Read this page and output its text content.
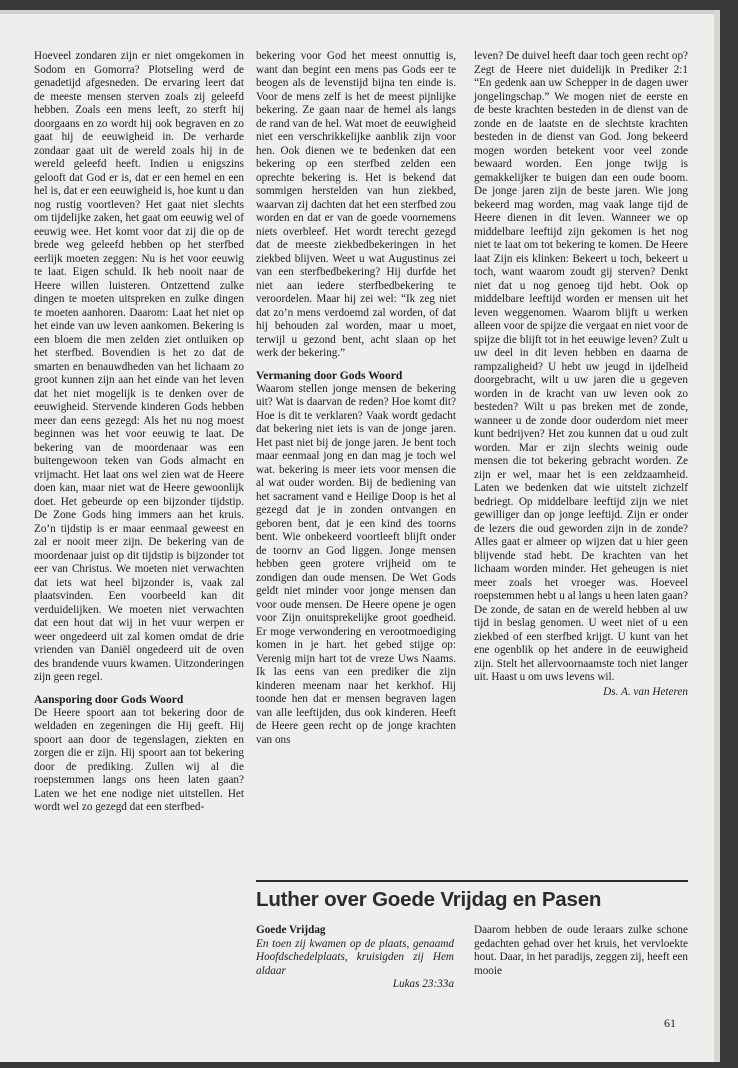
Hoeveel zondaren zijn er niet omgekomen in Sodom en Gomorra? Plotseling werd de genadetijd afgesneden. De ervaring leert dat de meeste mensen sterven zoals zij geleefd hebben. Zoals een mens leeft, zo sterft hij doorgaans en zo wordt hij ook begraven en zo gaat hij de eeuwigheid in. De verharde zondaar gaat uit de wereld zoals hij in de wereld geleefd heeft. Indien u enigszins gelooft dat God er is, dat er een hemel en een hel is, dat er een eeuwigheid is, hoe kunt u dan nog rustig voortleven? Het gaat niet slechts om tijdelijke zaken, het gaat om eeuwig wel of eeuwig wee. Het komt voor dat zij die op de brede weg geleefd hebben op het sterfbed eerlijk moeten zeggen: Nu is het voor eeuwig te laat. Eigen schuld. Ik heb nooit naar de Heere willen luisteren. Ontzettend zulke dingen te moeten uitspreken en zulke dingen te moeten aanhoren. Daarom: Laat het niet op het einde van uw leven aankomen. Bekering is een bloem die men zelden ziet ontluiken op het sterfbed. Bovendien is het zo dat de smarten en benauwdheden van het lichaam zo groot kunnen zijn aan het einde van het leven dat het niet mogelijk is te denken over de eeuwigheid. Stervende kinderen Gods hebben meer dan eens gezegd: Als het nu nog moest beginnen was het voor eeuwig te laat. De bekering van de moordenaar was een buitengewoon teken van Gods almacht en vrijmacht. Het laat ons wel zien wat de Heere doen kan, maar niet wat de Heere gewoonlijk doet. Het gebeurde op een bijzonder tijdstip. De Zone Gods hing immers aan het kruis. Zo’n tijdstip is er maar eenmaal geweest en zal er nooit meer zijn. De bekering van de moordenaar juist op dit tijdstip is bijzonder tot eer van Christus. We moeten niet verwachten dat iets wat heel bijzonder is, vaak zal plaatsvinden. Een voorbeeld kan dit verduidelijken. We moeten niet verwachten dat een hout dat wij in het vuur werpen er weer ongedeerd uit zal komen omdat de drie vrienden van Daniël ongedeerd uit de oven des brandende vuurs kwamen. Uitzonderingen zijn geen regel.

Aansporing door Gods Woord

De Heere spoort aan tot bekering door de weldaden en zegeningen die Hij geeft. Hij spoort aan door de tegenslagen, ziekten en zorgen die er zijn. Hij spoort aan tot bekering door de prediking. Zullen wij al die roepstemmen langs ons heen laten gaan? Laten we het ene nodige niet uitstellen. Het wordt wel zo gezegd dat een sterfbed-

bekering voor God het meest onnuttig is, want dan begint een mens pas Gods eer te beogen als de levenstijd bijna ten einde is. Voor de mens zelf is het de meest pijnlijke bekering. Ze gaan naar de hemel als langs de rand van de hel. Wat moet de eeuwigheid niet een verschrikkelijke aanblik zijn voor hen. Ook dienen we te bedenken dat een bekering op een sterfbed zelden een oprechte bekering is. Het is bekend dat sommigen herstelden van hun ziekbed, waarvan zij dachten dat het een sterfbed zou worden en dat er van de goede voornemens niets overbleef. Het wordt terecht gezegd dat de meeste ziekbedbekeringen in het ziekbed blijven. Weet u wat Augustinus zei van een sterfbedbekering? Hij durfde het niet aan iedere sterfbedbekering te veroordelen. Maar hij zei wel: “Ik zeg niet dat zo’n mens verdoemd zal worden, of dat hij behouden zal worden, maar u moet, terwijl u gezond bent, acht slaan op het werk der bekering.”

Vermaning door Gods Woord

Waarom stellen jonge mensen de bekering uit? Wat is daarvan de reden? Hoe komt dit? Hoe is dit te verklaren? Vaak wordt gedacht dat bekering niet iets is van de jonge jaren. Het past niet bij de jonge jaren. Je bent toch maar eenmaal jong en dan mag je toch wel wat. bekering is meer iets voor mensen die al wat ouder worden. Bij de bediening van het sacrament vand e Heilige Doop is het al gezegd dat je in zonden ontvangen en geboren bent, dat je een kind des toorns bent. Wie onbekeerd voortleeft blijft onder de toornv an God liggen. Jonge mensen hebben geen grotere vrijheid om te zondigen dan oude mensen. De Wet Gods geldt niet minder voor jonge mensen dan voor oude mensen. De Heere opene je ogen voor Zijn onuitsprekelijke groot goedheid. Er moge verwondering en verootmoediging komen in je hart. het gebed stijge op: Verenig mijn hart tot de vreze Uws Naams. Ik las eens van een prediker die zijn kinderen meenam naar het kerkhof. Hij toonde hen dat er mensen begraven lagen van alle leeftijden, dus ook kinderen. Heeft de Heere geen recht op de jonge krachten van ons

leven? De duivel heeft daar toch geen recht op? Zegt de Heere niet duidelijk in Prediker 2:1 “En gedenk aan uw Schepper in de dagen uwer jongelingschap.” We mogen niet de eerste en de beste krachten besteden in de dienst van de zonde en de laatste en de slechtste krachten besteden in de dienst van God. Jong bekeerd mogen worden betekent voor veel zonde bewaard worden. Een jonge twijg is gemakkelijker te buigen dan een oude boom. De jonge jaren zijn de beste jaren. Wie jong bekeerd mag worden, mag vaak lange tijd de Heere dienen in dit leven. Wanneer we op middelbare leeftijd zijn gekomen is het nog niet te laat om tot bekering te komen. De Heere laat Zijn eis klinken: Bekeert u toch, bekeert u toch, want waarom zoudt gij sterven? Denkt niet dat u nog genoeg tijd hebt. Ook op middelbare leeftijd worden er mensen uit het leven weggenomen. Waarom blijft u werken alleen voor de spijze die vergaat en niet voor de spijze die blijft tot in het eeuwige leven? Zult u uw deel in dit leven hebben en daarna de rampzaligheid? U hebt uw jeugd in ijdelheid doorgebracht, wilt u uw jaren die u gegeven worden in de kracht van uw leven ook zo besteden? Wilt u pas breken met de zonde, wanneer u de zonde door ouderdom niet meer kunt bedrijven? Het zou kunnen dat u oud zult worden. Mar er zijn slechts weinig oude mensen die tot bekering gebracht worden. Ze zijn er wel, maar het is een zeldzaamheid. Laten we bedenken dat wie uitstelt zichzelf bedriegt. Op middelbare leeftijd zijn we niet gewilliger dan op jonge leeftijd. Zijn er onder de lezers die oud geworden zijn in de zonde? Alles gaat er almeer op wijzen dat u hier geen blijvende stad hebt. De krachten van het lichaam worden minder. Het geheugen is niet meer zoals het vroeger was. Hoeveel roepstemmen hebt u al langs u heen laten gaan? De zonde, de satan en de wereld hebben al uw tijd in beslag genomen. U weet niet of u een ziekbed of een sterfbed krijgt. U kunt van het ene ogenblik op het andere in de eeuwigheid zijn. Stelt het allervoornaamste toch niet langer uit. Haast u om uws levens wil.

Ds. A. van Heteren
Luther over Goede Vrijdag en Pasen
Goede Vrijdag
En toen zij kwamen op de plaats, genaamd Hoofdschedelplaats, kruisigden zij Hem aldaar
Lukas 23:33a
Daarom hebben de oude leraars zulke schone gedachten gehad over het kruis, het vervloekte hout. Daar, in het paradijs, zeggen zij, heeft een mooie
61
